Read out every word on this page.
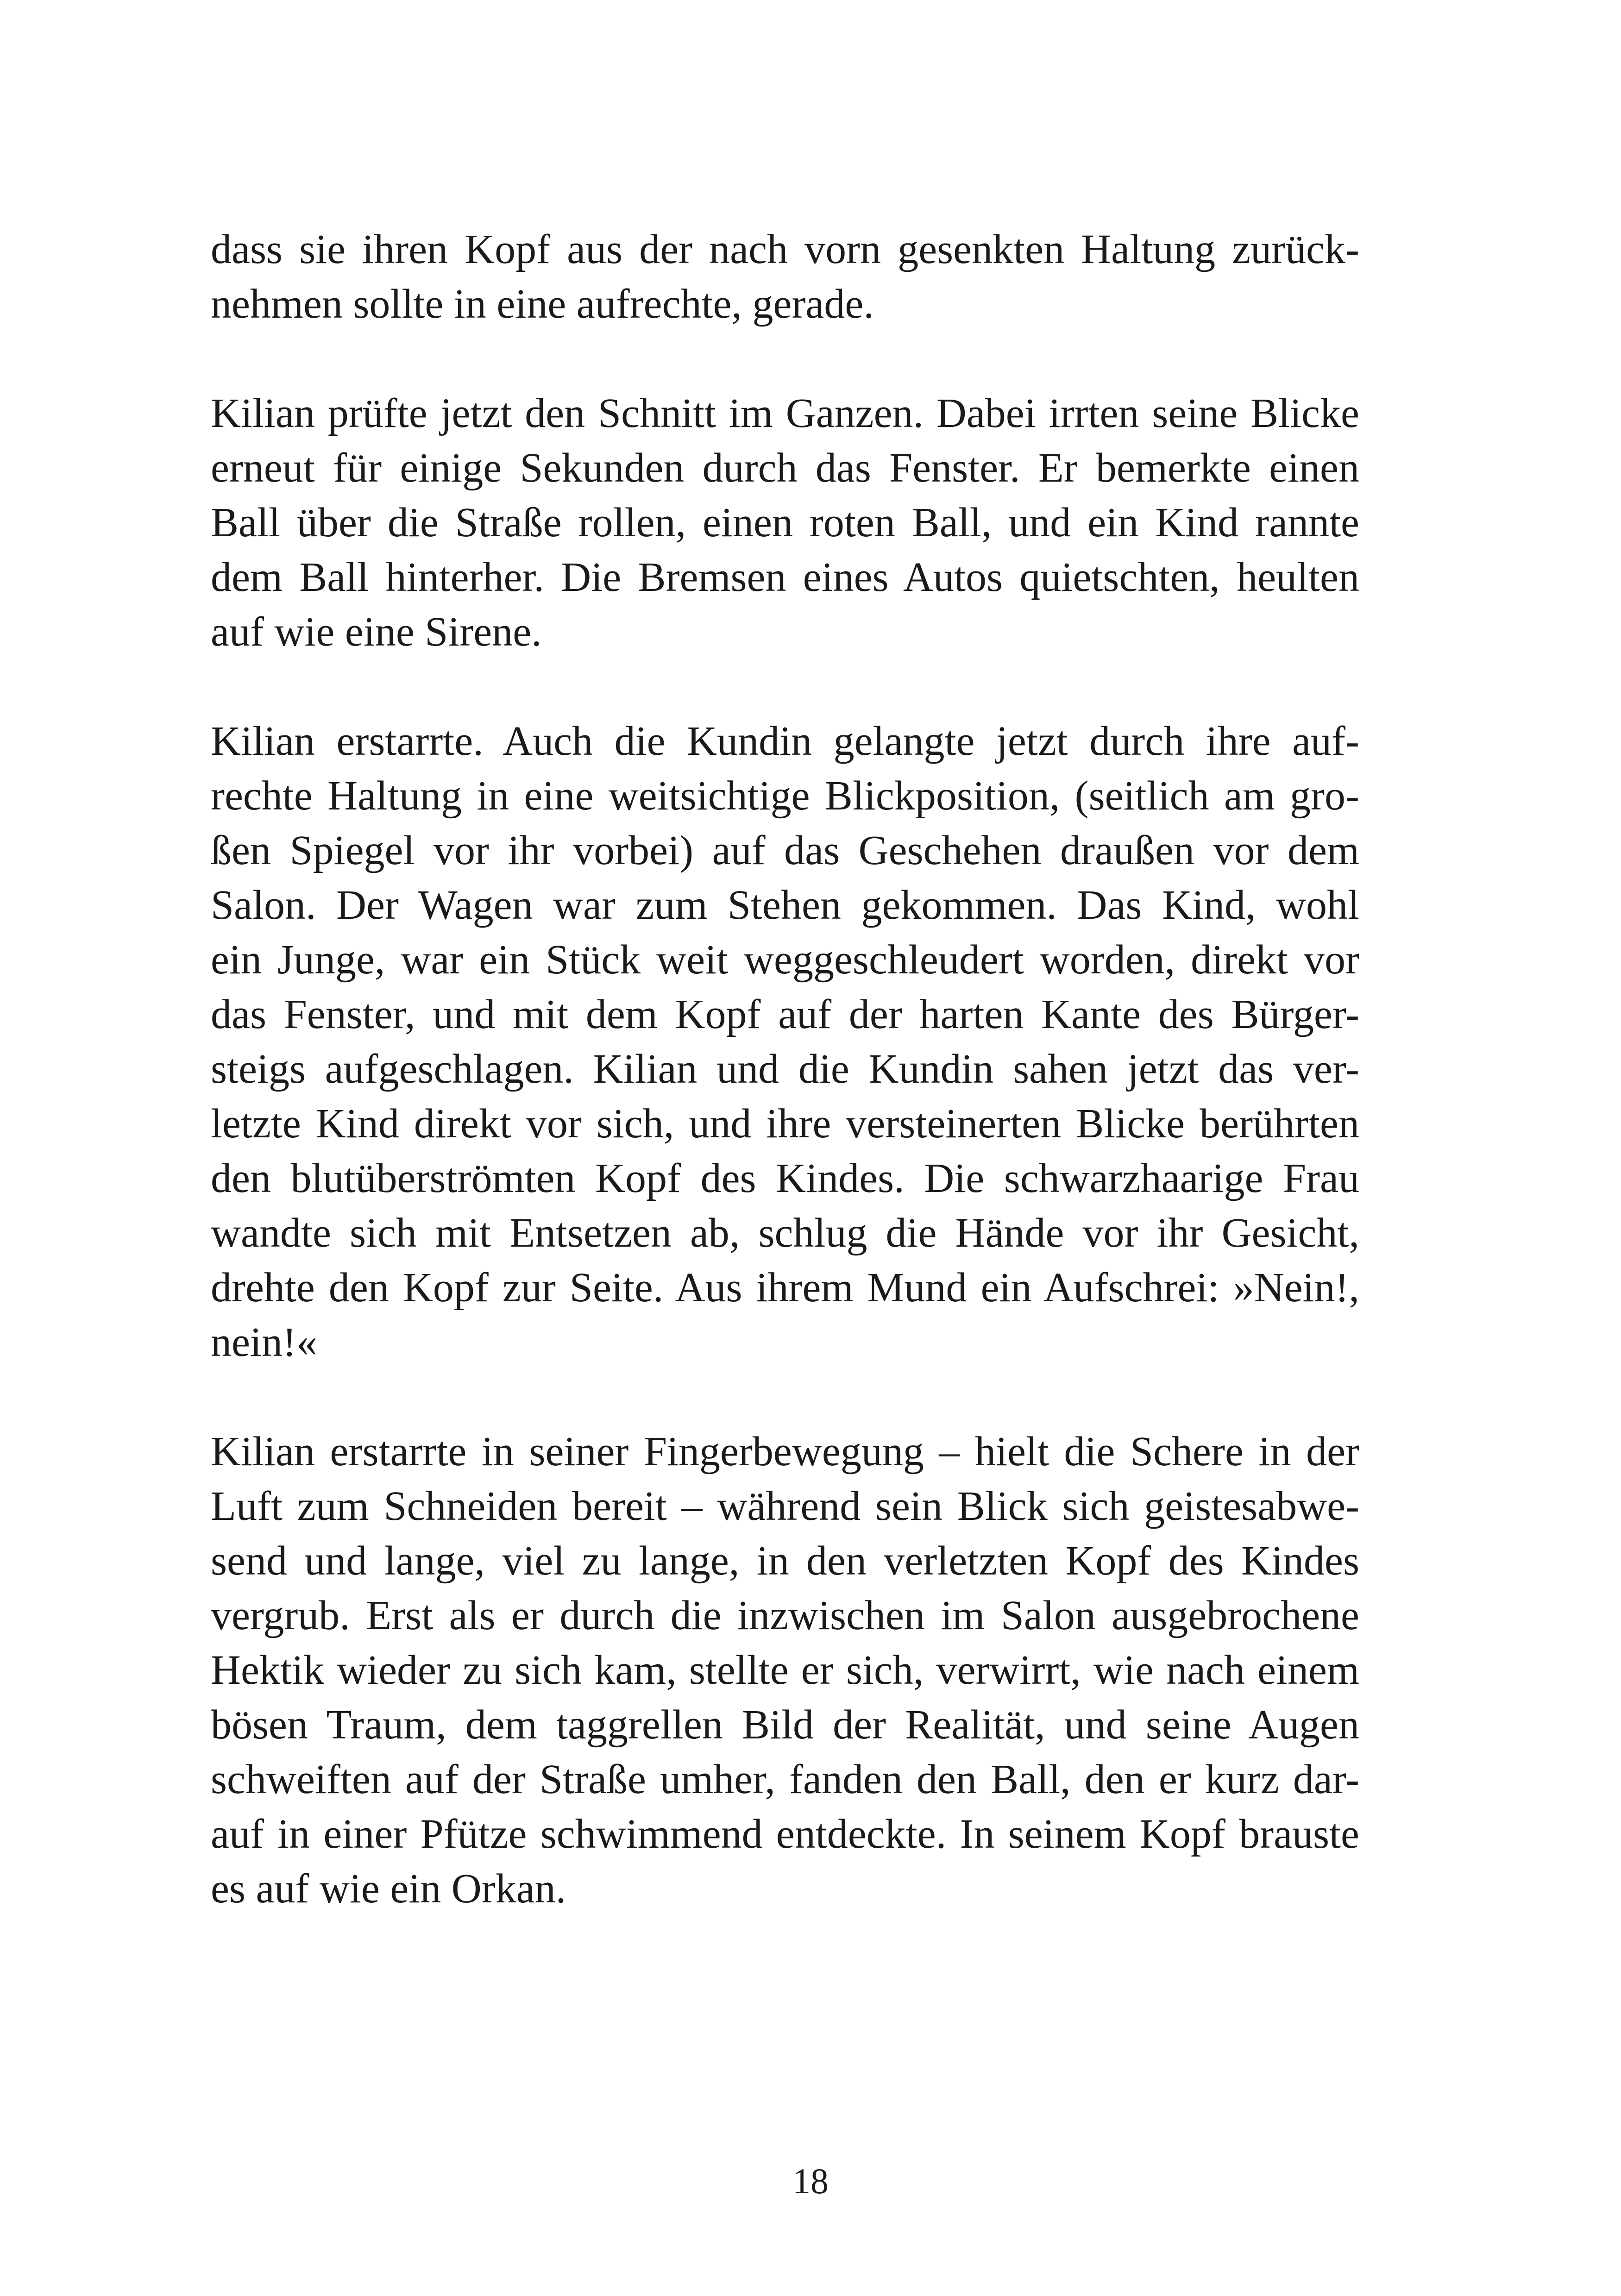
dass sie ihren Kopf aus der nach vorn gesenkten Haltung zurück-
nehmen sollte in eine aufrechte, gerade.

Kilian prüfte jetzt den Schnitt im Ganzen. Dabei irrten seine Blicke
erneut für einige Sekunden durch das Fenster. Er bemerkte einen
Ball über die Straße rollen, einen roten Ball, und ein Kind rannte
dem Ball hinterher. Die Bremsen eines Autos quietschten, heulten
auf wie eine Sirene.

Kilian erstarrte. Auch die Kundin gelangte jetzt durch ihre auf-
rechte Haltung in eine weitsichtige Blickposition, (seitlich am gro-
ßen Spiegel vor ihr vorbei) auf das Geschehen draußen vor dem
Salon. Der Wagen war zum Stehen gekommen. Das Kind, wohl
ein Junge, war ein Stück weit weggeschleudert worden, direkt vor
das Fenster, und mit dem Kopf auf der harten Kante des Bürger-
steigs aufgeschlagen. Kilian und die Kundin sahen jetzt das ver-
letzte Kind direkt vor sich, und ihre versteinerten Blicke berührten
den blutüberströmten Kopf des Kindes. Die schwarzhaarige Frau
wandte sich mit Entsetzen ab, schlug die Hände vor ihr Gesicht,
drehte den Kopf zur Seite. Aus ihrem Mund ein Aufschrei: »Nein!,
nein!«

Kilian erstarrte in seiner Fingerbewegung – hielt die Schere in der
Luft zum Schneiden bereit – während sein Blick sich geistesabwe-
send und lange, viel zu lange, in den verletzten Kopf des Kindes
vergrub. Erst als er durch die inzwischen im Salon ausgebrochene
Hektik wieder zu sich kam, stellte er sich, verwirrt, wie nach einem
bösen Traum, dem taggrellen Bild der Realität, und seine Augen
schweiften auf der Straße umher, fanden den Ball, den er kurz dar-
auf in einer Pfütze schwimmend entdeckte. In seinem Kopf brauste
es auf wie ein Orkan.

18
